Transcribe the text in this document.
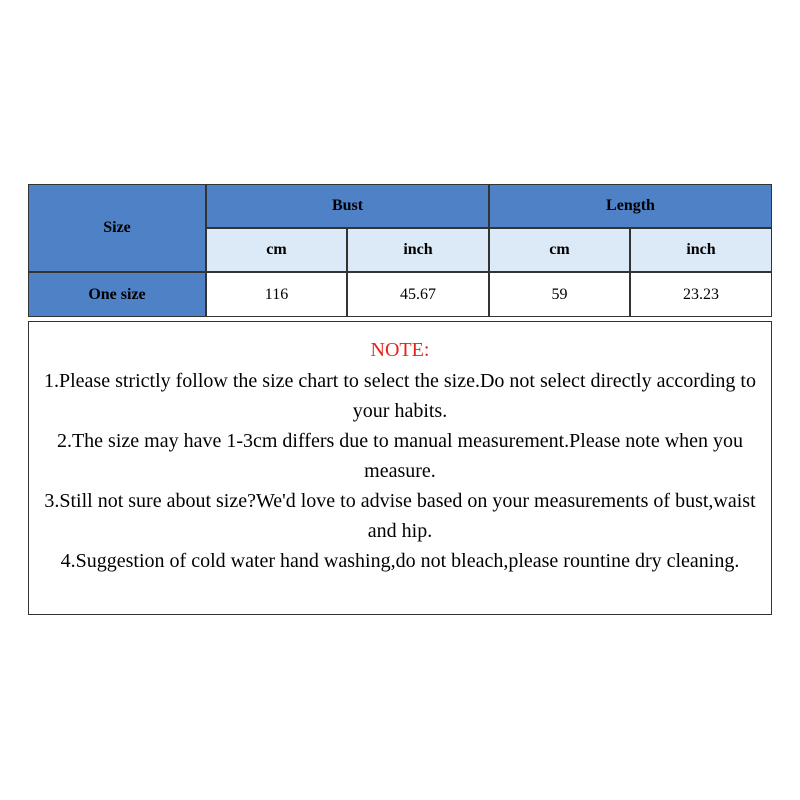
Size
Bust	Length
cm	inch	cm	inch
One size	116	45.67	59	23.23
NOTE:

1.Please strictly follow the size chart to select the size.Do not select directly according to your habits.

2.The size may have 1-3cm differs due to manual measurement.Please note when you measure.

3.Still not sure about size?We'd love to advise based on your measurements of bust,waist and hip.

4.Suggestion of cold water hand washing,do not bleach,please rountine dry cleaning.
